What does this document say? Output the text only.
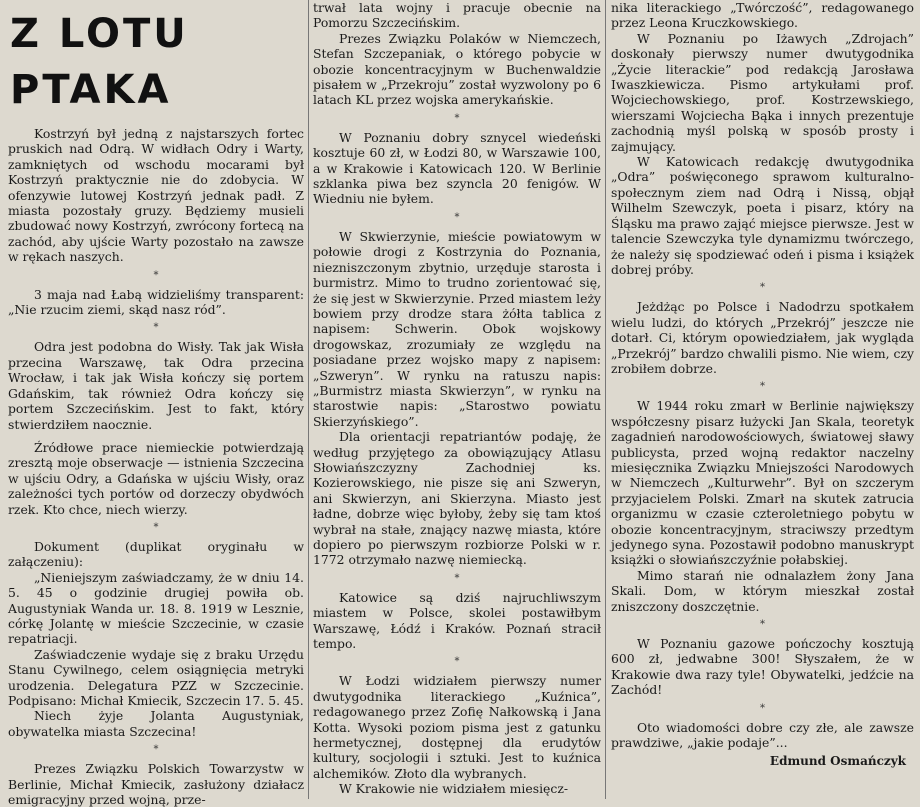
Z LOTU PTAKA

Kostrzyń był jedną z najstarszych fortec pruskich nad Odrą. W widłach Odry i Warty, zamkniętych od wschodu mocarami był Kostrzyń praktycznie nie do zdobycia. W ofenzywie lutowej Kostrzyń jednak padł. Z miasta pozostały gruzy. Będziemy musieli zbudować nowy Kostrzyń, zwrócony fortecą na zachód, aby ujście Warty pozostało na zawsze w rękach naszych.

*

3 maja nad Łabą widzieliśmy transparent: „Nie rzucim ziemi, skąd nasz ród”.

*

Odra jest podobna do Wisły. Tak jak Wisła przecina Warszawę, tak Odra przecina Wrocław, i tak jak Wisła kończy się portem Gdańskim, tak również Odra kończy się portem Szczecińskim. Jest to fakt, który stwierdziłem naocznie.

Źródłowe prace niemieckie potwierdzają zresztą moje obserwacje — istnienia Szczecina w ujściu Odry, a Gdańska w ujściu Wisły, oraz zależności tych portów od dorzeczy obydwóch rzek. Kto chce, niech wierzy.

*

Dokument (duplikat oryginału w załączeniu):

„Nieniejszym zaświadczamy, że w dniu 14. 5. 45 o godzinie drugiej powiła ob. Augustyniak Wanda ur. 18. 8. 1919 w Lesznie, córkę Jolantę w mieście Szczecinie, w czasie repatriacji.

Zaświadczenie wydaje się z braku Urzędu Stanu Cywilnego, celem osiągnięcia metryki urodzenia. Delegatura PZZ w Szczecinie. Podpisano: Michał Kmiecik, Szczecin 17. 5. 45.

Niech żyje Jolanta Augustyniak, obywatelka miasta Szczecina!

*

Prezes Związku Polskich Towarzystw w Berlinie, Michał Kmiecik, zasłużony działacz emigracyjny przed wojną, prze-

trwał lata wojny i pracuje obecnie na Pomorzu Szczecińskim.

Prezes Związku Polaków w Niemczech, Stefan Szczepaniak, o którego pobycie w obozie koncentracyjnym w Buchenwaldzie pisałem w „Przekroju” został wyzwolony po 6 latach KL przez wojska amerykańskie.

*

W Poznaniu dobry sznycel wiedeński kosztuje 60 zł, w Łodzi 80, w Warszawie 100, a w Krakowie i Katowicach 120. W Berlinie szklanka piwa bez szyncla 20 fenigów. W Wiedniu nie byłem.

*

W Skwierzynie, mieście powiatowym w połowie drogi z Kostrzynia do Poznania, niezniszczonym zbytnio, urzęduje starosta i burmistrz. Mimo to trudno zorientować się, że się jest w Skwierzynie. Przed miastem leży bowiem przy drodze stara żółta tablica z napisem: Schwerin. Obok wojskowy drogowskaz, zrozumiały ze względu na posiadane przez wojsko mapy z napisem: „Szweryn”. W rynku na ratuszu napis: „Burmistrz miasta Skwierzyn”, w rynku na starostwie napis: „Starostwo powiatu Skierzyńskiego”.

Dla orientacji repatriantów podaję, że według przyjętego za obowiązujący Atlasu Słowiańszczyzny Zachodniej ks. Kozierowskiego, nie pisze się ani Szweryn, ani Skwierzyn, ani Skierzyna. Miasto jest ładne, dobrze więc byłoby, żeby się tam ktoś wybrał na stałe, znający nazwę miasta, które dopiero po pierwszym rozbiorze Polski w r. 1772 otrzymało nazwę niemiecką.

*

Katowice są dziś najruchliwszym miastem w Polsce, skolei postawiłbym Warszawę, Łódź i Kraków. Poznań stracił tempo.

*

W Łodzi widziałem pierwszy numer dwutygodnika literackiego „Kuźnica”, redagowanego przez Zofię Nałkowską i Jana Kotta. Wysoki poziom pisma jest z gatunku hermetycznej, dostępnej dla erudytów kultury, socjologii i sztuki. Jest to kuźnica alchemików. Złoto dla wybranych.

W Krakowie nie widziałem miesięcz-

nika literackiego „Twórczość”, redagowanego przez Leona Kruczkowskiego.

W Poznaniu po Iżawych „Zdrojach” doskonały pierwszy numer dwutygodnika „Życie literackie” pod redakcją Jarosława Iwaszkiewicza. Pismo artykułami prof. Wojciechowskiego, prof. Kostrzewskiego, wierszami Wojciecha Bąka i innych prezentuje zachodnią myśl polską w sposób prosty i zajmujący.

W Katowicach redakcję dwutygodnika „Odra” poświęconego sprawom kulturalno-społecznym ziem nad Odrą i Nissą, objął Wilhelm Szewczyk, poeta i pisarz, który na Śląsku ma prawo zająć miejsce pierwsze. Jest w talencie Szewczyka tyle dynamizmu twórczego, że należy się spodziewać odeń i pisma i książek dobrej próby.

*

Jeżdżąc po Polsce i Nadodrzu spotkałem wielu ludzi, do których „Przekrój” jeszcze nie dotarł. Ci, którym opowiedziałem, jak wygląda „Przekrój” bardzo chwalili pismo. Nie wiem, czy zrobiłem dobrze.

*

W 1944 roku zmarł w Berlinie największy współczesny pisarz łużycki Jan Skala, teoretyk zagadnień narodowościowych, światowej sławy publicysta, przed wojną redaktor naczelny miesięcznika Związku Mniejszości Narodowych w Niemczech „Kulturwehr”. Był on szczerym przyjacielem Polski. Zmarł na skutek zatrucia organizmu w czasie czteroletniego pobytu w obozie koncentracyjnym, straciwszy przedtym jedynego syna. Pozostawił podobno manuskrypt książki o słowiańszczyźnie połabskiej.

Mimo starań nie odnalazłem żony Jana Skali. Dom, w którym mieszkał został zniszczony doszczętnie.

*

W Poznaniu gazowe pończochy kosztują 600 zł, jedwabne 300! Słyszałem, że w Krakowie dwa razy tyle! Obywatelki, jedźcie na Zachód!

*

Oto wiadomości dobre czy złe, ale zawsze prawdziwe, „jakie podaje”...

Edmund Osmańczyk
